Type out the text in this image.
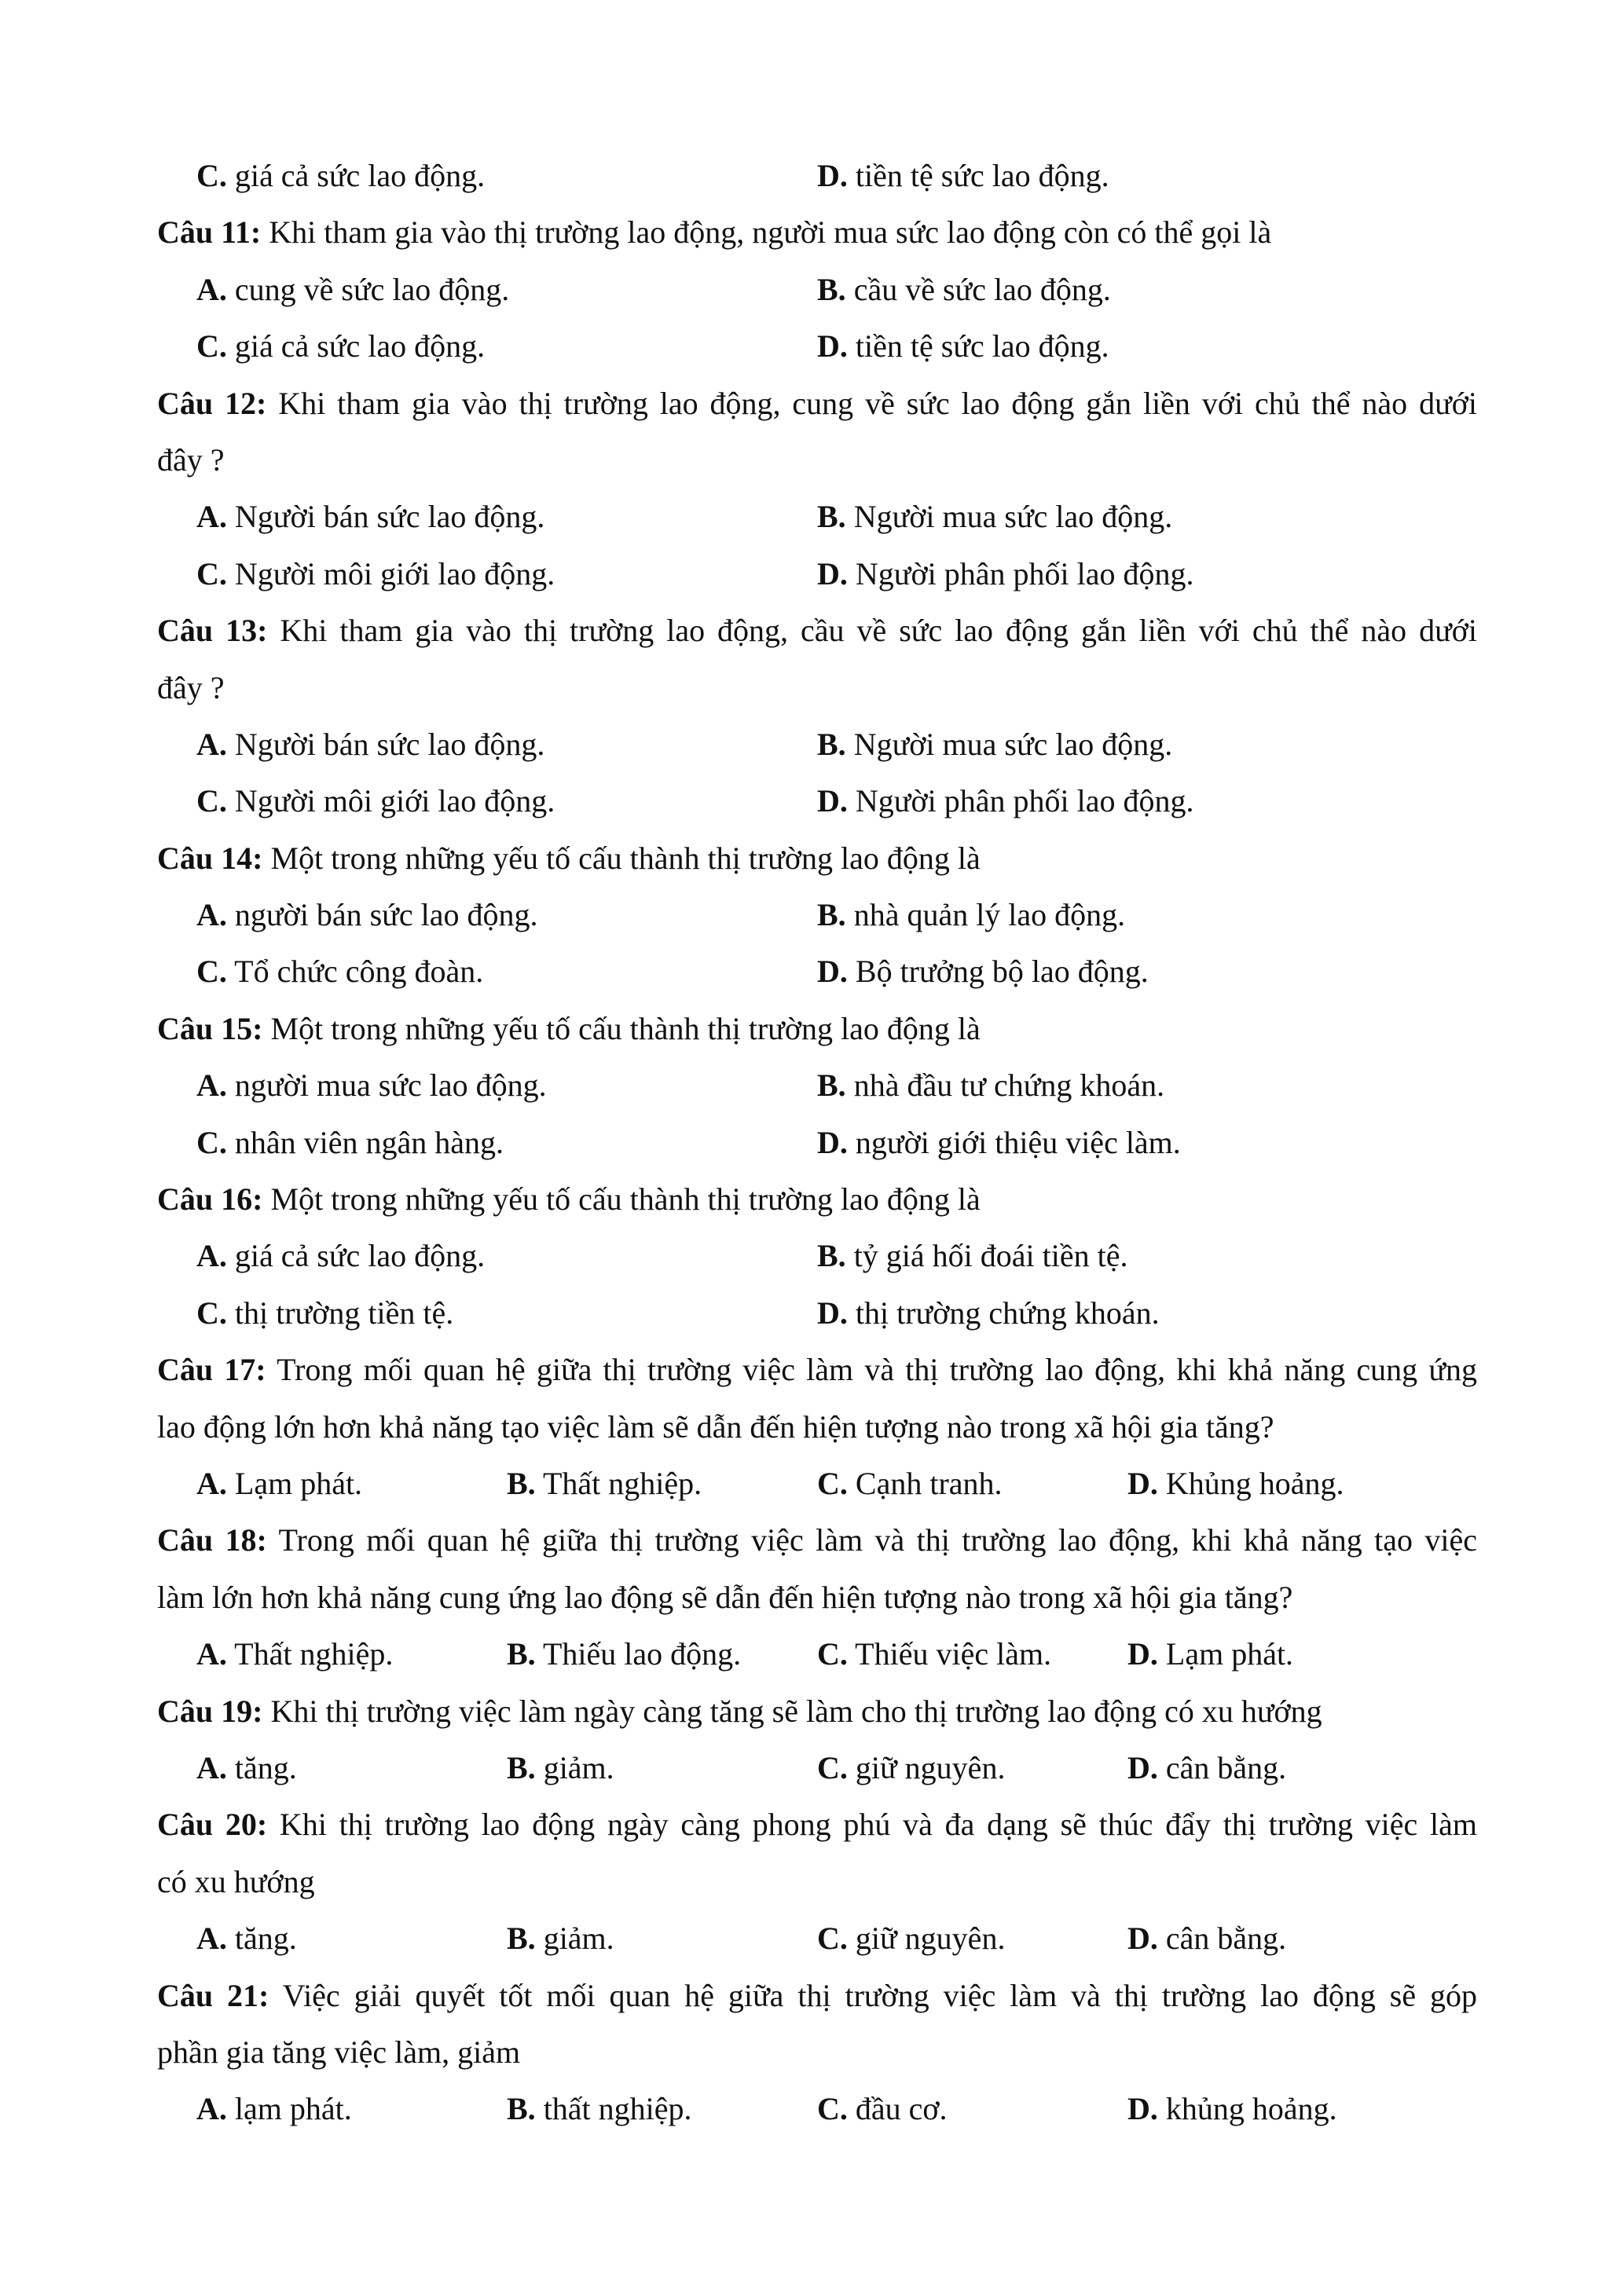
C. giá cả sức lao động.	D. tiền tệ sức lao động.
Câu 11: Khi tham gia vào thị trường lao động, người mua sức lao động còn có thể gọi là
A. cung về sức lao động.	B. cầu về sức lao động.
C. giá cả sức lao động.	D. tiền tệ sức lao động.
Câu 12: Khi tham gia vào thị trường lao động, cung về sức lao động gắn liền với chủ thể nào dưới
đây ?
A. Người bán sức lao động.	B. Người mua sức lao động.
C. Người môi giới lao động.	D. Người phân phối lao động.
Câu 13: Khi tham gia vào thị trường lao động, cầu về sức lao động gắn liền với chủ thể nào dưới
đây ?
A. Người bán sức lao động.	B. Người mua sức lao động.
C. Người môi giới lao động.	D. Người phân phối lao động.
Câu 14: Một trong những yếu tố cấu thành thị trường lao động là
A. người bán sức lao động.	B. nhà quản lý lao động.
C. Tổ chức công đoàn.	D. Bộ trưởng bộ lao động.
Câu 15: Một trong những yếu tố cấu thành thị trường lao động là
A. người mua sức lao động.	B. nhà đầu tư chứng khoán.
C. nhân viên ngân hàng.	D. người giới thiệu việc làm.
Câu 16: Một trong những yếu tố cấu thành thị trường lao động là
A. giá cả sức lao động.	B. tỷ giá hối đoái tiền tệ.
C. thị trường tiền tệ.	D. thị trường chứng khoán.
Câu 17: Trong mối quan hệ giữa thị trường việc làm và thị trường lao động, khi khả năng cung ứng
lao động lớn hơn khả năng tạo việc làm sẽ dẫn đến hiện tượng nào trong xã hội gia tăng?
A. Lạm phát.	B. Thất nghiệp.	C. Cạnh tranh.	D. Khủng hoảng.
Câu 18: Trong mối quan hệ giữa thị trường việc làm và thị trường lao động, khi khả năng tạo việc
làm lớn hơn khả năng cung ứng lao động sẽ dẫn đến hiện tượng nào trong xã hội gia tăng?
A. Thất nghiệp.	B. Thiếu lao động. C. Thiếu việc làm. D. Lạm phát.
Câu 19: Khi thị trường việc làm ngày càng tăng sẽ làm cho thị trường lao động có xu hướng
A. tăng.	B. giảm.	C. giữ nguyên.	D. cân bằng.
Câu 20: Khi thị trường lao động ngày càng phong phú và đa dạng sẽ thúc đẩy thị trường việc làm
có xu hướng
A. tăng.	B. giảm.	C. giữ nguyên.	D. cân bằng.
Câu 21: Việc giải quyết tốt mối quan hệ giữa thị trường việc làm và thị trường lao động sẽ góp
phần gia tăng việc làm, giảm
A. lạm phát.	B. thất nghiệp.	C. đầu cơ.	D. khủng hoảng.
